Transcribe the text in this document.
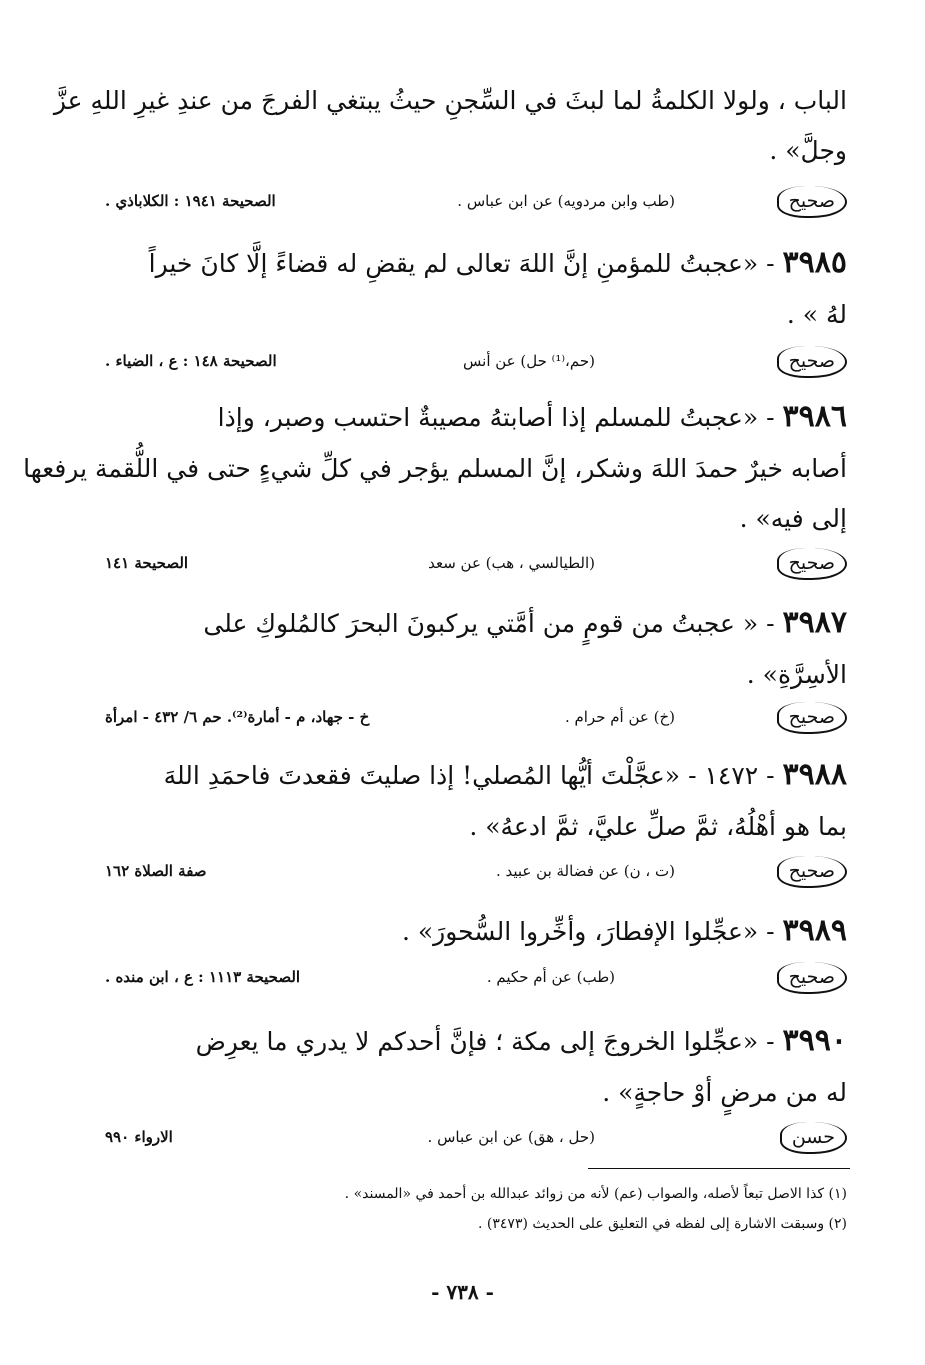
الباب ، ولولا الكلمةُ لما لبثَ في السِّجنِ حيثُ يبتغي الفرجَ من عندِ غيرِ اللهِ عزَّ
وجلَّ» .
صحيح
(طب وابن مردويه) عن ابن عباس .
الصحيحة ١٩٤١ : الكلاباذي .
٣٩٨٥ - «عجبتُ للمؤمنِ إنَّ اللهَ تعالى لم يقضِ له قضاءً إلَّا كانَ خيراً
لهُ » .
صحيح
(حم،⁽¹⁾ حل) عن أنس
الصحيحة ١٤٨ : ع ، الضياء .
٣٩٨٦ - «عجبتُ للمسلم إذا أصابتهُ مصيبةٌ احتسب وصبر، وإذا
أصابه خيرٌ حمدَ اللهَ وشكر، إنَّ المسلم يؤجر في كلِّ شيءٍ حتى في اللُّقمة يرفعها
إلى فيه» .
صحيح
(الطيالسي ، هب) عن سعد
الصحيحة ١٤١
٣٩٨٧ - « عجبتُ من قومٍ من أمَّتي يركبونَ البحرَ كالمُلوكِ على
الأسِرَّةِ» .
صحيح
(خ) عن أم حرام .
خ - جهاد، م - أمارة⁽²⁾. حم ٦/ ٤٣٢ - امرأة
٣٩٨٨ - ١٤٧٢ - «عجَّلْتَ أيُّها المُصلي! إذا صليتَ فقعدتَ فاحمَدِ اللهَ
بما هو أهْلُهُ، ثمَّ صلِّ عليَّ، ثمَّ ادعهُ» .
صحيح
(ت ، ن) عن فضالة بن عبيد .
صفة الصلاة ١٦٢
٣٩٨٩ - «عجِّلوا الإفطارَ، وأخِّروا السُّحورَ» .
صحيح
(طب) عن أم حكيم .
الصحيحة ١١١٣ : ع ، ابن منده .
٣٩٩٠ - «عجِّلوا الخروجَ إلى مكة ؛ فإنَّ أحدكم لا يدري ما يعرِض
له من مرضٍ أوْ حاجةٍ» .
حسن
(حل ، هق) عن ابن عباس .
الارواء ٩٩٠
(١) كذا الاصل تبعاً لأصله، والصواب (عم) لأنه من زوائد عبدالله بن أحمد في «المسند» .
(٢) وسبقت الاشارة إلى لفظه في التعليق على الحديث (٣٤٧٣) .
- ٧٣٨ -
